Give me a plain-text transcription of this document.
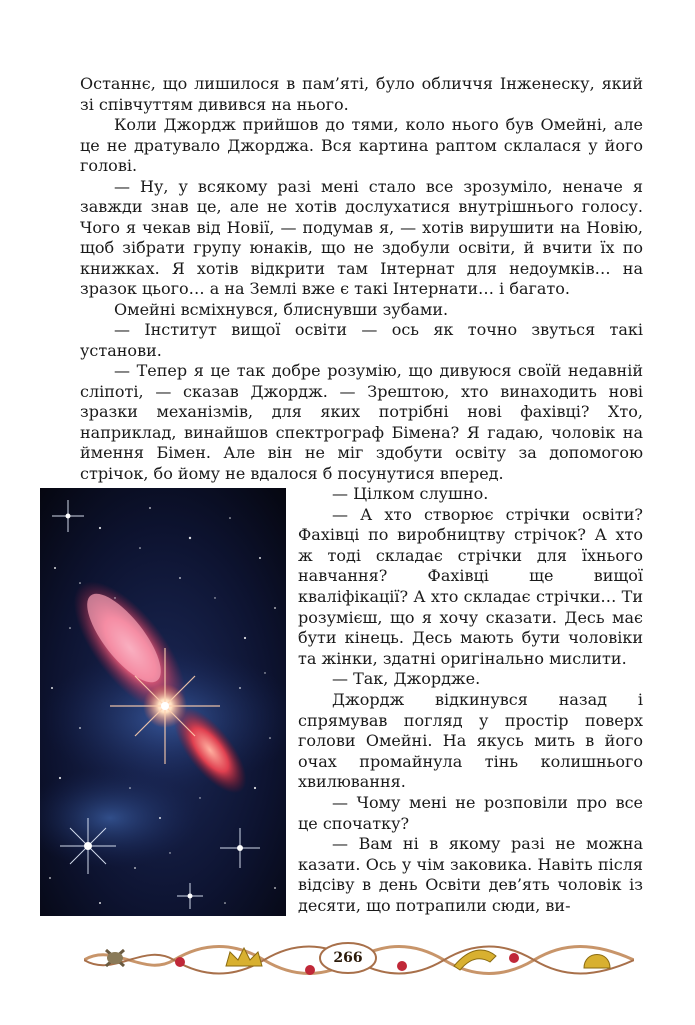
Останнє, що лишилося в пам’яті, було обличчя Інженеску, який зі співчуттям дивився на нього.

Коли Джордж прийшов до тями, коло нього був Омейні, але це не дратувало Джорджа. Вся картина раптом склалася у його голові.

— Ну, у всякому разі мені стало все зрозуміло, неначе я завжди знав це, але не хотів дослухатися внутрішнього голосу. Чого я чекав від Новії, — подумав я, — хотів вирушити на Новію, щоб зібрати групу юнаків, що не здобули освіти, й вчити їх по книжках. Я хотів відкрити там Інтернат для недоумків… на зразок цього… а на Землі вже є такі Інтернати… і багато.

Омейні всміхнувся, блиснувши зубами.

— Інститут вищої освіти — ось як точно звуться такі установи.

— Тепер я це так добре розумію, що дивуюся своїй недавній сліпоті, — сказав Джордж. — Зрештою, хто винаходить нові зразки механізмів, для яких потрібні нові фахівці? Хто, наприклад, винайшов спектрограф Бімена? Я гадаю, чоловік на ймення Бімен. Але він не міг здобути освіту за допомогою стрічок, бо йому не вдалося б посунутися вперед.

— Цілком слушно.

— А хто створює стрічки освіти? Фахівці по виробництву стрічок? А хто ж тоді складає стрічки для їхнього навчання? Фахівці ще вищої кваліфікації? А хто складає стрічки… Ти розумієш, що я хочу сказати. Десь має бути кінець. Десь мають бути чоловіки та жінки, здатні оригінально мислити.

— Так, Джордже.

Джордж відкинувся назад і спрямував погляд у простір поверх голови Омейні. На якусь мить в його очах промайнула тінь колишнього хвилювання.

— Чому мені не розповіли про все це спочатку?

— Вам ні в якому разі не можна казати. Ось у чім заковика. Навіть після відсіву в день Освіти дев’ять чоловік із десяти, що потрапили сюди, ви-

266
